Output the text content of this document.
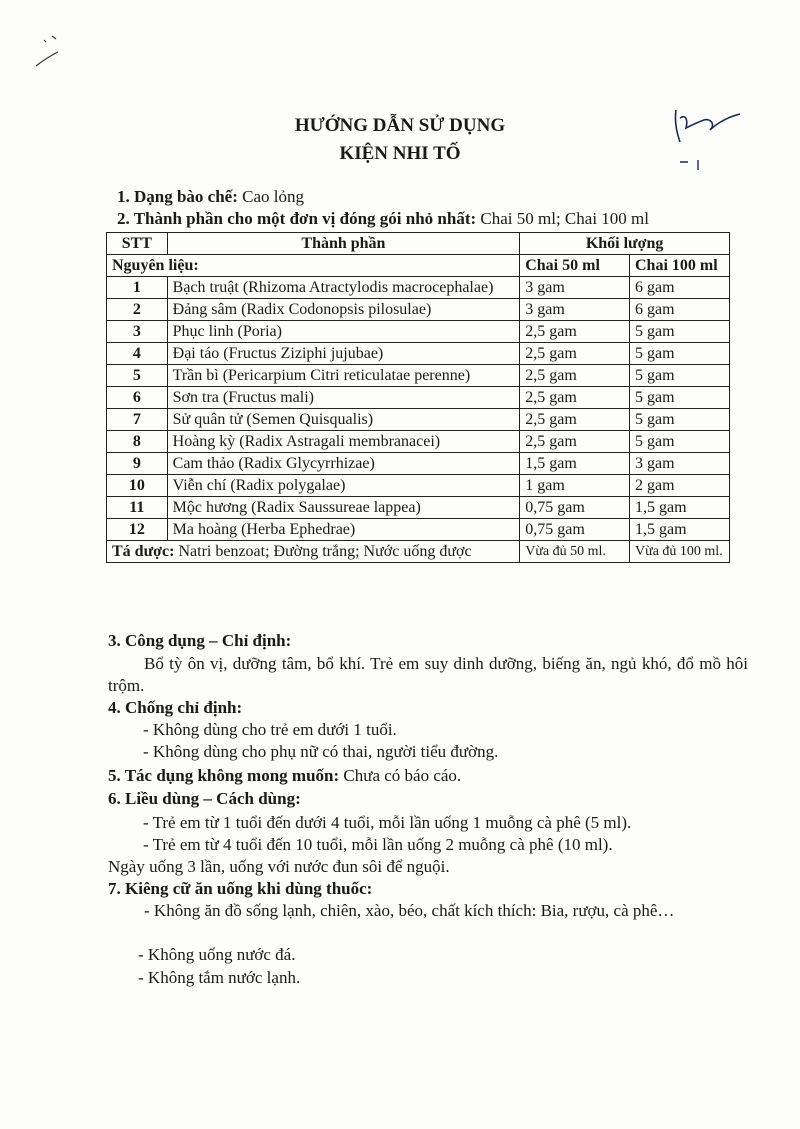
HƯỚNG DẪN SỬ DỤNG
KIỆN NHI TỐ
1. Dạng bào chế: Cao lỏng
2. Thành phần cho một đơn vị đóng gói nhỏ nhất: Chai 50 ml; Chai 100 ml
STT	Thành phần	Khối lượng	
Nguyên liệu:		Chai 50 ml	Chai 100 ml
1	Bạch truật (Rhizoma Atractylodis macrocephalae)	3 gam	6 gam
2	Đảng sâm (Radix Codonopsis pilosulae)	3 gam	6 gam
3	Phục linh (Poria)	2,5 gam	5 gam
4	Đại táo (Fructus Ziziphi jujubae)	2,5 gam	5 gam
5	Trần bì (Pericarpium Citri reticulatae perenne)	2,5 gam	5 gam
6	Sơn tra (Fructus mali)	2,5 gam	5 gam
7	Sử quân tử (Semen Quisqualis)	2,5 gam	5 gam
8	Hoàng kỳ (Radix Astragali membranacei)	2,5 gam	5 gam
9	Cam thảo (Radix Glycyrrhizae)	1,5 gam	3 gam
10	Viễn chí (Radix polygalae)	1 gam	2 gam
11	Mộc hương (Radix Saussureae lappea)	0,75 gam	1,5 gam
12	Ma hoàng (Herba Ephedrae)	0,75 gam	1,5 gam
Tá dược: Natri benzoat; Đường trắng; Nước uống được		Vừa đủ 50 ml.	Vừa đủ 100 ml.
3. Công dụng – Chỉ định:
Bổ tỳ ôn vị, dưỡng tâm, bổ khí. Trẻ em suy dinh dưỡng, biếng ăn, ngủ khó, đổ mồ hôi trộm.
4. Chống chỉ định:
- Không dùng cho trẻ em dưới 1 tuổi.
- Không dùng cho phụ nữ có thai, người tiểu đường.
5. Tác dụng không mong muốn: Chưa có báo cáo.
6. Liều dùng – Cách dùng:
- Trẻ em từ 1 tuổi đến dưới 4 tuổi, mỗi lần uống 1 muỗng cà phê (5 ml).
- Trẻ em từ 4 tuổi đến 10 tuổi, mỗi lần uống 2 muỗng cà phê (10 ml).
Ngày uống 3 lần, uống với nước đun sôi để nguội.
7. Kiêng cữ ăn uống khi dùng thuốc:
- Không ăn đồ sống lạnh, chiên, xào, béo, chất kích thích: Bia, rượu, cà phê…
- Không uống nước đá.
- Không tắm nước lạnh.
